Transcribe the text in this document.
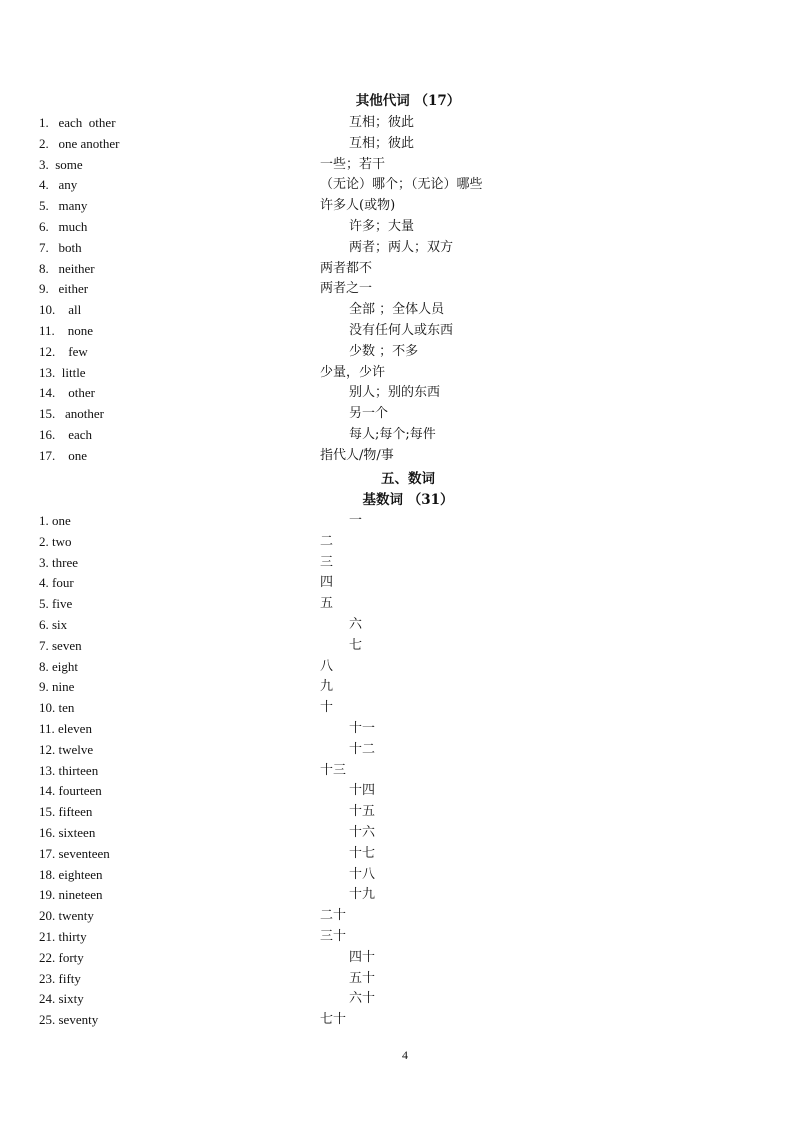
其他代词 （17）
1.   each  other	互相；彼此
2.   one another	互相；彼此
3.  some	一些；若干
4.   any	（无论）哪个；（无论）哪些
5.   many	许多人(或物)
6.   much	许多；大量
7.   both	两者；两人；双方
8.   neither	两者都不
9.   either	两者之一
10.    all	全部 ；全体人员
11.    none	没有任何人或东西
12.    few	少数 ；不多
13.  little	少量，少许
14.    other	别人；别的东西
15.   another	另一个
16.    each	每人;每个;每件
17.    one	指代人/物/事
五、数词
基数词 （31）
1. one	一
2. two	二
3. three	三
4. four	四
5. five	五
6. six	六
7. seven	七
8. eight	八
9. nine	九
10. ten	十
11. eleven	十一
12. twelve	十二
13. thirteen	十三
14. fourteen	十四
15. fifteen	十五
16. sixteen	十六
17. seventeen	十七
18. eighteen	十八
19. nineteen	十九
20. twenty	二十
21. thirty	三十
22. forty	四十
23. fifty	五十
24. sixty	六十
25. seventy	七十
4
